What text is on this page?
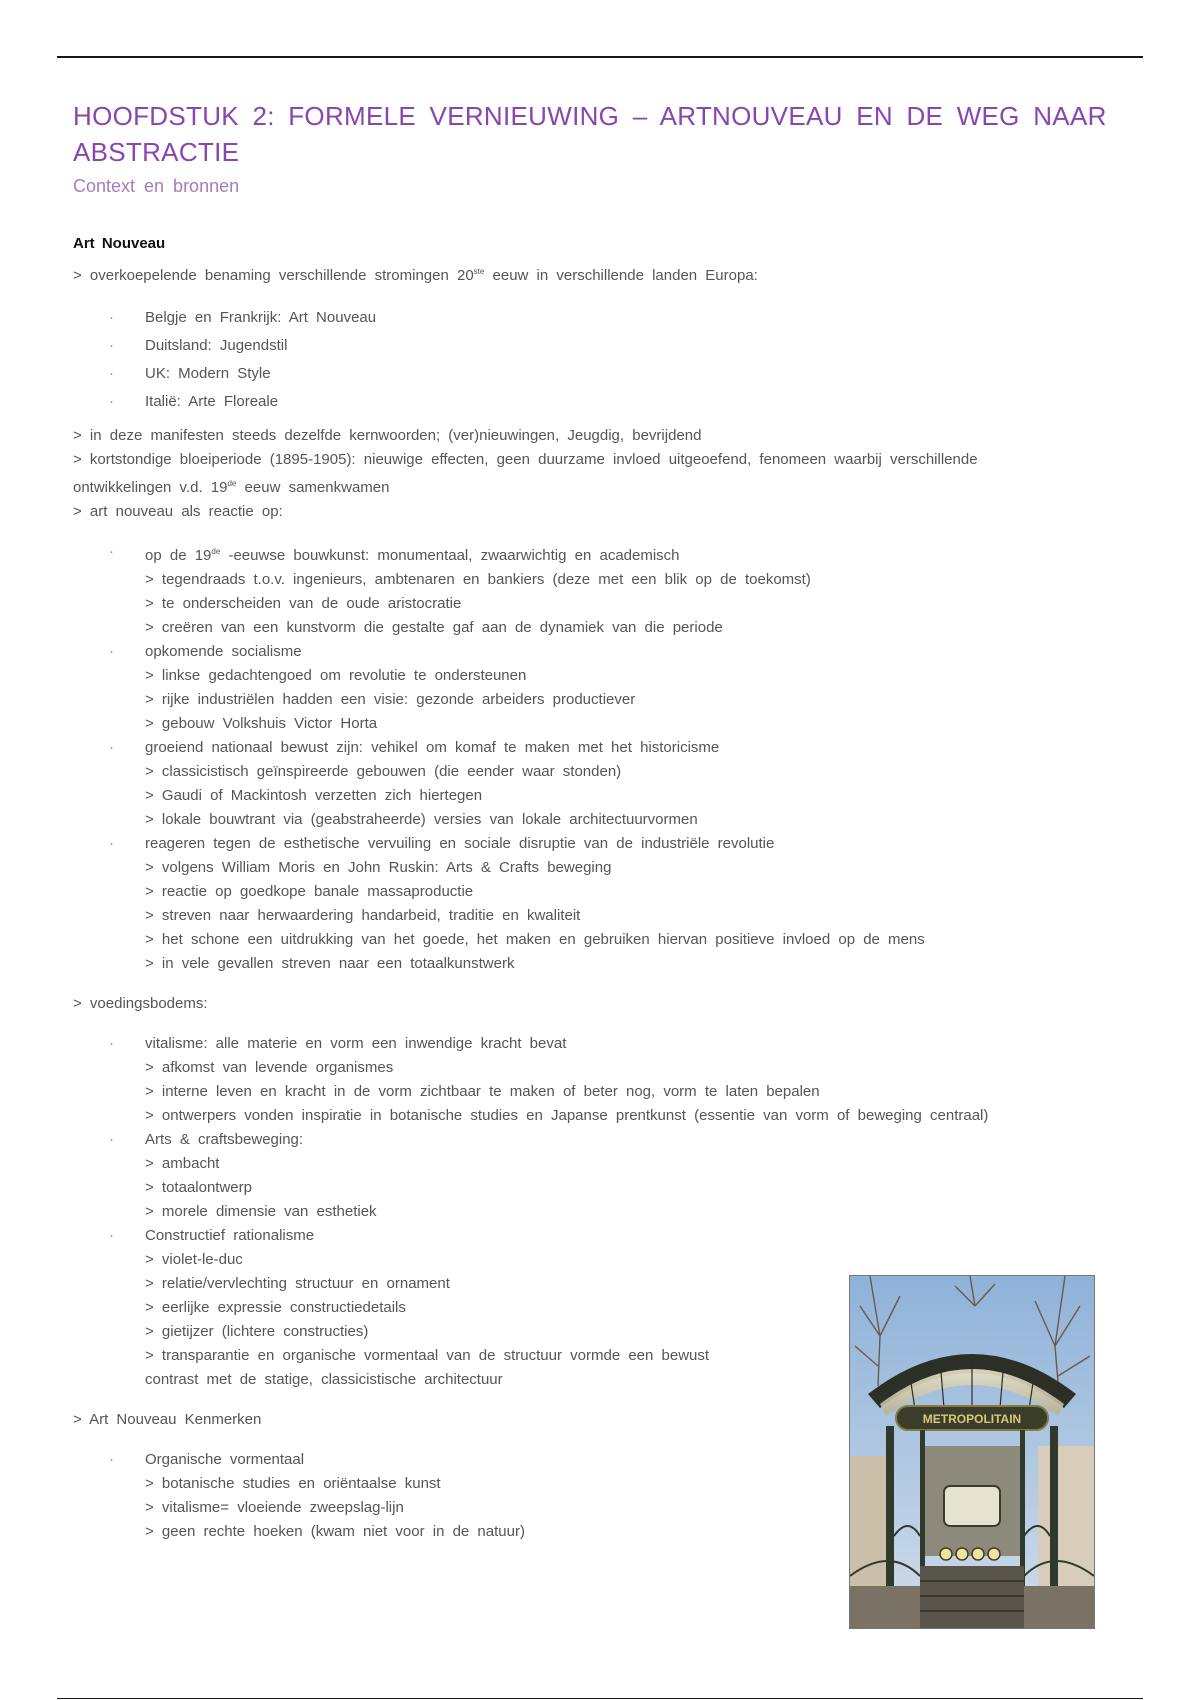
HOOFDSTUK 2: FORMELE VERNIEUWING – ARTNOUVEAU EN DE WEG NAAR ABSTRACTIE

Context en bronnen

Art Nouveau

> overkoepelende benaming verschillende stromingen 20ste eeuw in verschillende landen Europa:

· Belgje en Frankrijk: Art Nouveau
· Duitsland: Jugendstil
· UK: Modern Style
· Italië: Arte Floreale

> in deze manifesten steeds dezelfde kernwoorden; (ver)nieuwingen, Jeugdig, bevrijdend

> kortstondige bloeiperiode (1895-1905): nieuwige effecten, geen duurzame invloed uitgeoefend, fenomeen waarbij verschillende

ontwikkelingen v.d. 19de eeuw samenkwamen

> art nouveau als reactie op:

· op de 19de -eeuwse bouwkunst: monumentaal, zwaarwichtig en academisch
> tegendraads t.o.v. ingenieurs, ambtenaren en bankiers (deze met een blik op de toekomst)
> te onderscheiden van de oude aristocratie
> creëren van een kunstvorm die gestalte gaf aan de dynamiek van die periode
· opkomende socialisme
> linkse gedachtengoed om revolutie te ondersteunen
> rijke industriëlen hadden een visie: gezonde arbeiders productiever
> gebouw Volkshuis Victor Horta
· groeiend nationaal bewust zijn: vehikel om komaf te maken met het historicisme
> classicistisch geïnspireerde gebouwen (die eender waar stonden)
> Gaudi of Mackintosh verzetten zich hiertegen
> lokale bouwtrant via (geabstraheerde) versies van lokale architectuurvormen
· reageren tegen de esthetische vervuiling en sociale disruptie van de industriële revolutie
> volgens William Moris en John Ruskin: Arts & Crafts beweging
> reactie op goedkope banale massaproductie
> streven naar herwaardering handarbeid, traditie en kwaliteit
> het schone een uitdrukking van het goede, het maken en gebruiken hiervan positieve invloed op de mens
> in vele gevallen streven naar een totaalkunstwerk

> voedingsbodems:

· vitalisme: alle materie en vorm een inwendige kracht bevat
> afkomst van levende organismes
> interne leven en kracht in de vorm zichtbaar te maken of beter nog, vorm te laten bepalen
> ontwerpers vonden inspiratie in botanische studies en Japanse prentkunst (essentie van vorm of beweging centraal)
· Arts & craftsbeweging:
> ambacht
> totaalontwerp
> morele dimensie van esthetiek
· Constructief rationalisme
> violet-le-duc
> relatie/vervlechting structuur en ornament
> eerlijke expressie constructiedetails
> gietijzer (lichtere constructies)
> transparantie en organische vormentaal van de structuur vormde een bewust
contrast met de statige, classicistische architectuur

> Art Nouveau Kenmerken

· Organische vormentaal
> botanische studies en oriëntaalse kunst
> vitalisme= vloeiende zweepslag-lijn
> geen rechte hoeken (kwam niet voor in de natuur)
METROPOLITAIN
